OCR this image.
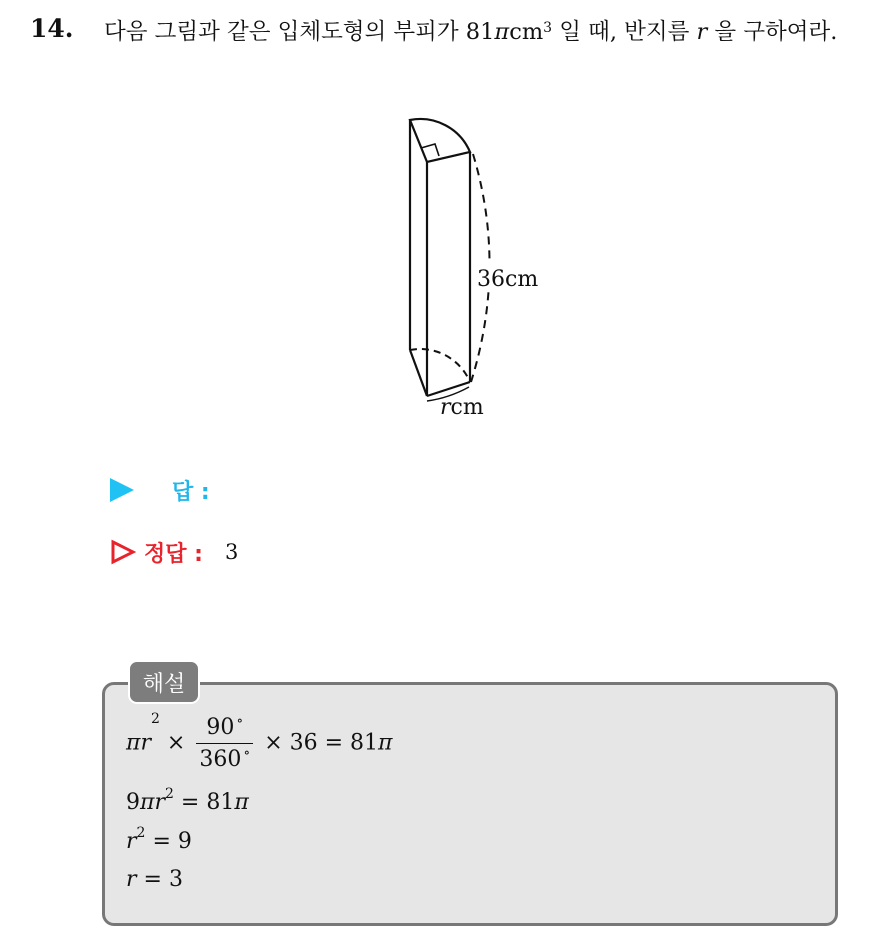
14. 다음 그림과 같은 입체도형의 부피가 81πcm$^3$ 일 때, 반지름 r 을 구하여라.
36cm
rcm
답 :
정답 : 3
해설
$\pi r^2 \times \frac{90 ^\circ}{360 ^\circ} \times 36 = 81\pi$
$9\pi r^2 = 81\pi$
$r^2 = 9$
r = 3
